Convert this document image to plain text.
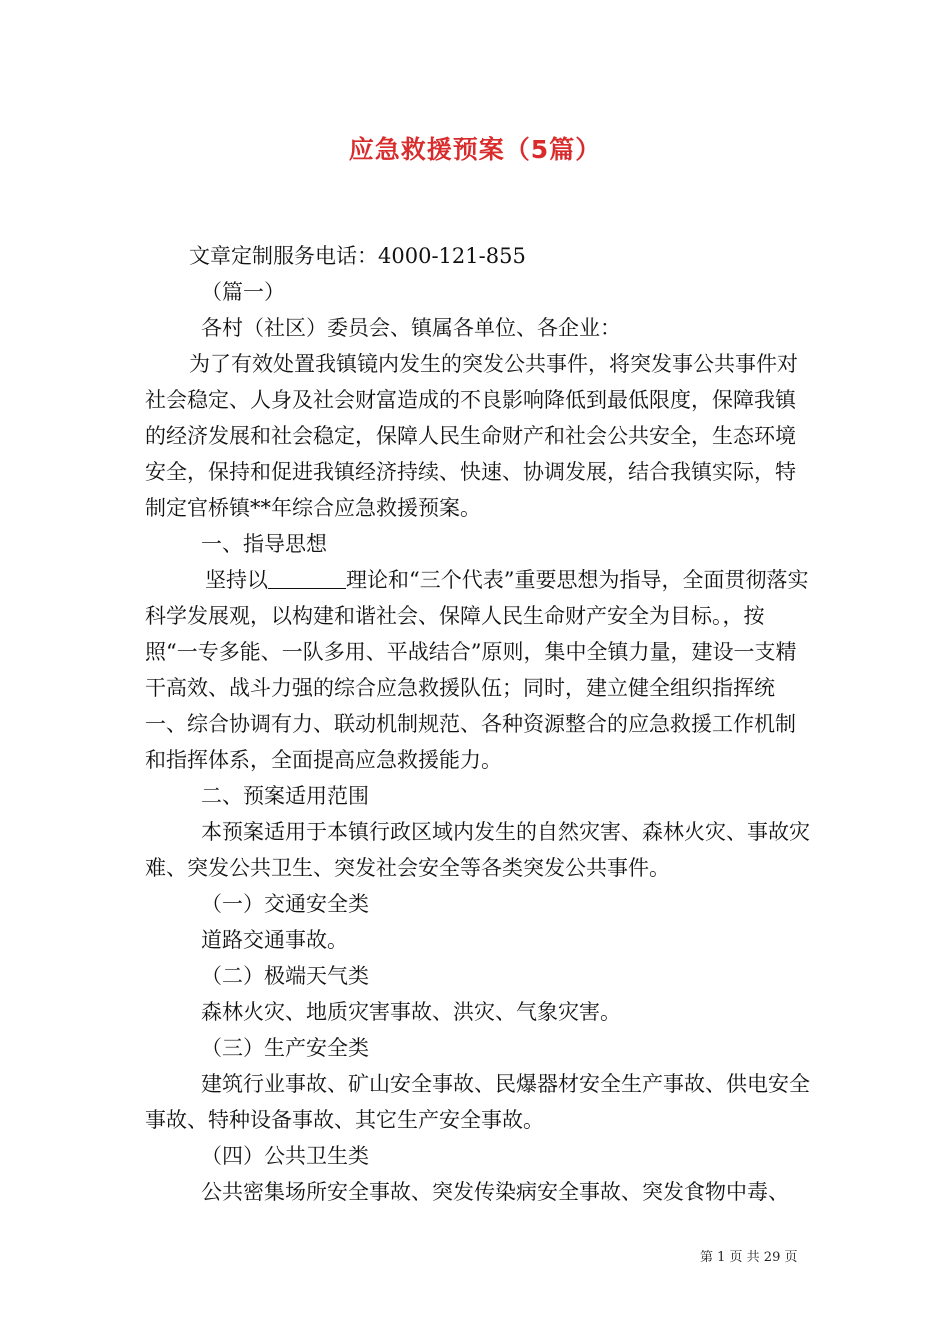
应急救援预案（5篇）

文章定制服务电话：4000-121-855

（篇一）

各村（社区）委员会、镇属各单位、各企业：

为了有效处置我镇镜内发生的突发公共事件，将突发事公共事件对社会稳定、人身及社会财富造成的不良影响降低到最低限度，保障我镇的经济发展和社会稳定，保障人民生命财产和社会公共安全，生态环境安全，保持和促进我镇经济持续、快速、协调发展，结合我镇实际，特制定官桥镇**年综合应急救援预案。

一、指导思想

坚持以	理论和“三个代表”重要思想为指导，全面贯彻落实科学发展观，以构建和谐社会、保障人民生命财产安全为目标。，按照“一专多能、一队多用、平战结合”原则，集中全镇力量，建设一支精干高效、战斗力强的综合应急救援队伍；同时，建立健全组织指挥统一、综合协调有力、联动机制规范、各种资源整合的应急救援工作机制和指挥体系，全面提高应急救援能力。

二、预案适用范围

本预案适用于本镇行政区域内发生的自然灾害、森林火灾、事故灾难、突发公共卫生、突发社会安全等各类突发公共事件。

（一）交通安全类

道路交通事故。

（二）极端天气类

森林火灾、地质灾害事故、洪灾、气象灾害。

（三）生产安全类

建筑行业事故、矿山安全事故、民爆器材安全生产事故、供电安全事故、特种设备事故、其它生产安全事故。

（四）公共卫生类

公共密集场所安全事故、突发传染病安全事故、突发食物中毒、

第 1 页 共 29 页
